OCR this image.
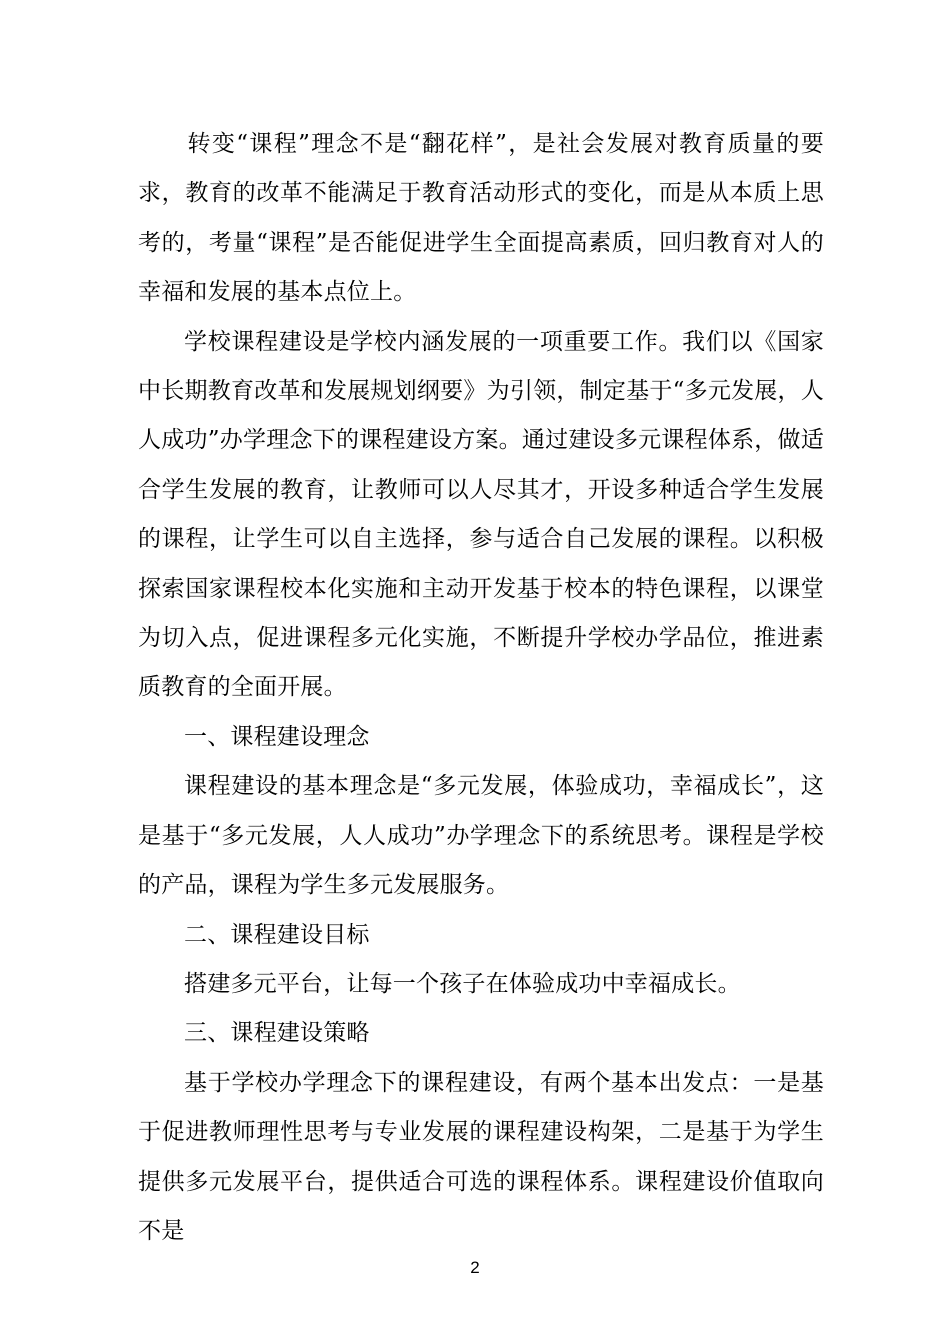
转变“课程”理念不是“翻花样”，是社会发展对教育质量的要求，教育的改革不能满足于教育活动形式的变化，而是从本质上思考的，考量“课程”是否能促进学生全面提高素质，回归教育对人的幸福和发展的基本点位上。

学校课程建设是学校内涵发展的一项重要工作。我们以《国家中长期教育改革和发展规划纲要》为引领，制定基于“多元发展，人人成功”办学理念下的课程建设方案。通过建设多元课程体系，做适合学生发展的教育，让教师可以人尽其才，开设多种适合学生发展的课程，让学生可以自主选择，参与适合自己发展的课程。以积极探索国家课程校本化实施和主动开发基于校本的特色课程，以课堂为切入点，促进课程多元化实施，不断提升学校办学品位，推进素质教育的全面开展。

一、课程建设理念

课程建设的基本理念是“多元发展，体验成功，幸福成长”，这是基于“多元发展，人人成功”办学理念下的系统思考。课程是学校的产品，课程为学生多元发展服务。

二、课程建设目标

搭建多元平台，让每一个孩子在体验成功中幸福成长。

三、课程建设策略

基于学校办学理念下的课程建设，有两个基本出发点：一是基于促进教师理性思考与专业发展的课程建设构架，二是基于为学生提供多元发展平台，提供适合可选的课程体系。课程建设价值取向不是

2
